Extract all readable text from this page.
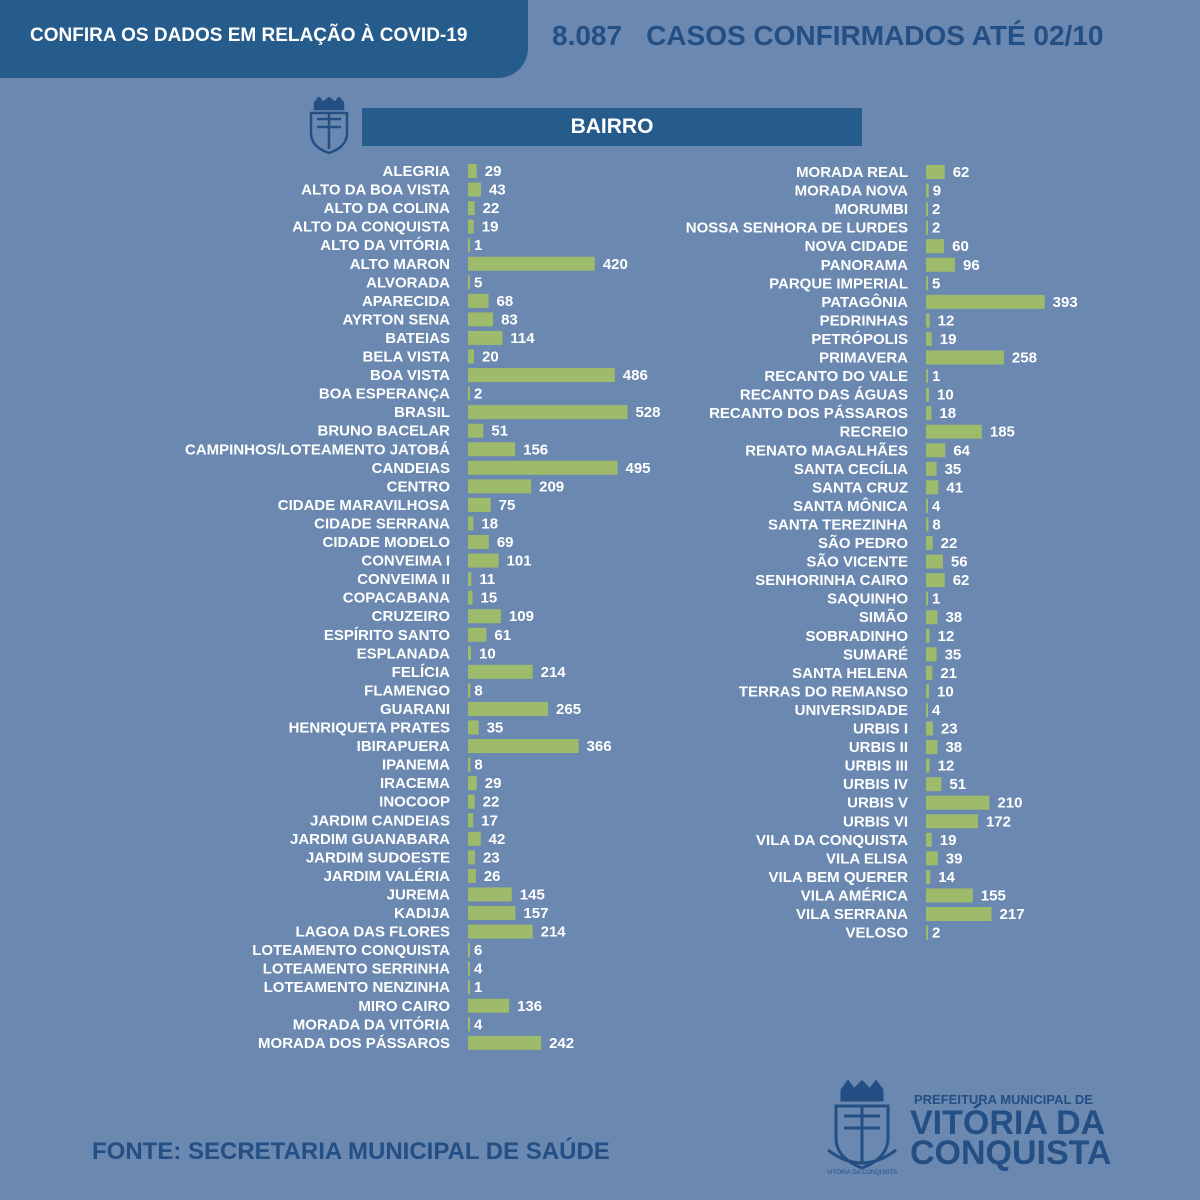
CONFIRA OS DADOS EM RELAÇÃO À COVID-19	8.087 CASOS CONFIRMADOS ATÉ 02/10
BAIRRO
ALEGRIA 29
ALTO DA BOA VISTA	43
ALTO DA COLINA 22
ALTO DA CONQUISTA 19
ALTO DA VITÓRIA 1
ALTO MARON	420
ALVORADA 5
APARECIDA	68
AYRTON SENA	83
BATEIAS	114
BELA VISTA 20
BOA VISTA	486
BOA ESPERANÇA 2
BRASIL	528
BRUNO BACELAR	51
CAMPINHOS/LOTEAMENTO JATOBÁ	156
CANDEIAS	495
CENTRO	209
CIDADE MARAVILHOSA	75
CIDADE SERRANA 18
CIDADE MODELO	69
CONVEIMA I	101
CONVEIMA II 11
COPACABANA 15
CRUZEIRO	109
ESPÍRITO SANTO	61
ESPLANADA 10
FELÍCIA	214
FLAMENGO 8
GUARANI	265
HENRIQUETA PRATES 35
IBIRAPUERA	366
IPANEMA 8
IRACEMA 29
INOCOOP 22
JARDIM CANDEIAS 17
JARDIM GUANABARA	42
JARDIM SUDOESTE 23
JARDIM VALÉRIA 26
JUREMA	145
KADIJA	157
LAGOA DAS FLORES	214
LOTEAMENTO CONQUISTA 6
LOTEAMENTO SERRINHA 4
LOTEAMENTO NENZINHA 1
MIRO CAIRO	136
MORADA DA VITÓRIA 4
MORADA DOS PÁSSAROS	242
MORADA REAL	62
MORADA NOVA 9
MORUMBI 2
NOSSA SENHORA DE LURDES 2
NOVA CIDADE	60
PANORAMA	96
PARQUE IMPERIAL 5
PATAGÔNIA	393
PEDRINHAS 12
PETRÓPOLIS 19
PRIMAVERA	258
RECANTO DO VALE 1
RECANTO DAS ÁGUAS 10
RECANTO DOS PÁSSAROS 18
RECREIO	185
RENATO MAGALHÃES	64
SANTA CECÍLIA 35
SANTA CRUZ	41
SANTA MÔNICA 4
SANTA TEREZINHA 8
SÃO PEDRO 22
SÃO VICENTE	56
SENHORINHA CAIRO	62
SAQUINHO 1
SIMÃO 38
SOBRADINHO 12
SUMARÉ 35
SANTA HELENA 21
TERRAS DO REMANSO 10
UNIVERSIDADE 4
URBIS I 23
URBIS II 38
URBIS III 12
URBIS IV	51
URBIS V	210
URBIS VI	172
VILA DA CONQUISTA 19
VILA ELISA	39
VILA BEM QUERER 14
VILA AMÉRICA	155
VILA SERRANA	217
VELOSO 2
FONTE: SECRETARIA MUNICIPAL DE SAÚDE
VITÓRIA DA CONQUISTA
PREFEITURA MUNICIPAL DE
VITÓRIA DA
CONQUISTA
